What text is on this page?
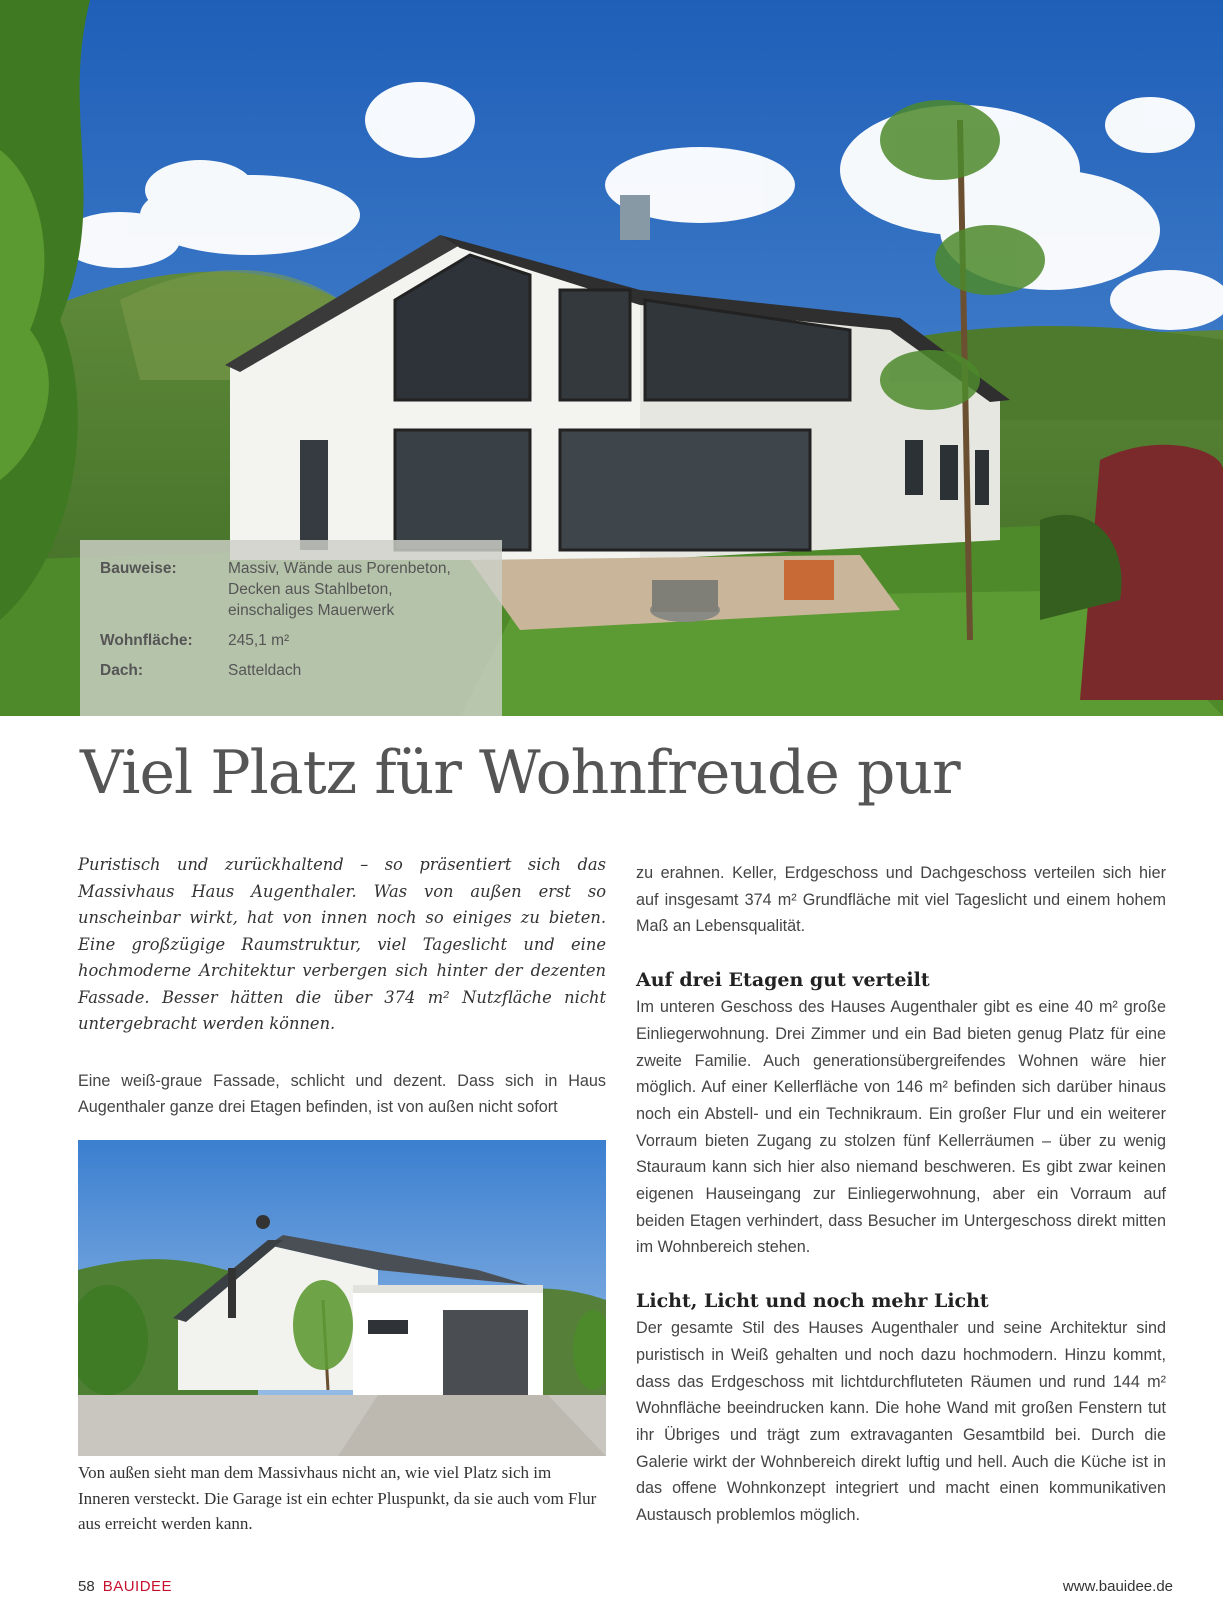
Bauweise:	Massiv, Wände aus Porenbeton,
Decken aus Stahlbeton,
einschaliges Mauerwerk
Wohnfläche:	245,1 m²
Dach:	Satteldach
Viel Platz für Wohnfreude pur

Puristisch und zurückhaltend – so präsentiert sich das Massivhaus Haus Augenthaler. Was von außen erst so unscheinbar wirkt, hat von innen noch so einiges zu bieten. Eine großzügige Raumstruktur, viel Tageslicht und eine hochmoderne Architektur verbergen sich hinter der dezenten Fassade. Besser hätten die über 374 m² Nutzfläche nicht untergebracht werden können.

Eine weiß-graue Fassade, schlicht und dezent. Dass sich in Haus Augenthaler ganze drei Etagen befinden, ist von außen nicht sofort

Von außen sieht man dem Massivhaus nicht an, wie viel Platz sich im Inneren versteckt. Die Garage ist ein echter Pluspunkt, da sie auch vom Flur aus erreicht werden kann.

zu erahnen. Keller, Erdgeschoss und Dachgeschoss verteilen sich hier auf insgesamt 374 m² Grundfläche mit viel Tageslicht und einem hohem Maß an Lebensqualität.

Auf drei Etagen gut verteilt

Im unteren Geschoss des Hauses Augenthaler gibt es eine 40 m² große Einliegerwohnung. Drei Zimmer und ein Bad bieten genug Platz für eine zweite Familie. Auch generationsübergreifendes Wohnen wäre hier möglich. Auf einer Kellerfläche von 146 m² befinden sich darüber hinaus noch ein Abstell- und ein Technikraum. Ein großer Flur und ein weiterer Vorraum bieten Zugang zu stolzen fünf Kellerräumen – über zu wenig Stauraum kann sich hier also niemand beschweren. Es gibt zwar keinen eigenen Hauseingang zur Einliegerwohnung, aber ein Vorraum auf beiden Etagen verhindert, dass Besucher im Untergeschoss direkt mitten im Wohnbereich stehen.

Licht, Licht und noch mehr Licht

Der gesamte Stil des Hauses Augenthaler und seine Architektur sind puristisch in Weiß gehalten und noch dazu hochmodern. Hinzu kommt, dass das Erdgeschoss mit lichtdurchfluteten Räumen und rund 144 m² Wohnfläche beeindrucken kann. Die hohe Wand mit großen Fenstern tut ihr Übriges und trägt zum extravaganten Gesamtbild bei. Durch die Galerie wirkt der Wohnbereich direkt luftig und hell. Auch die Küche ist in das offene Wohnkonzept integriert und macht einen kommunikativen Austausch problemlos möglich.

58 BAUIDEE	www.bauidee.de
